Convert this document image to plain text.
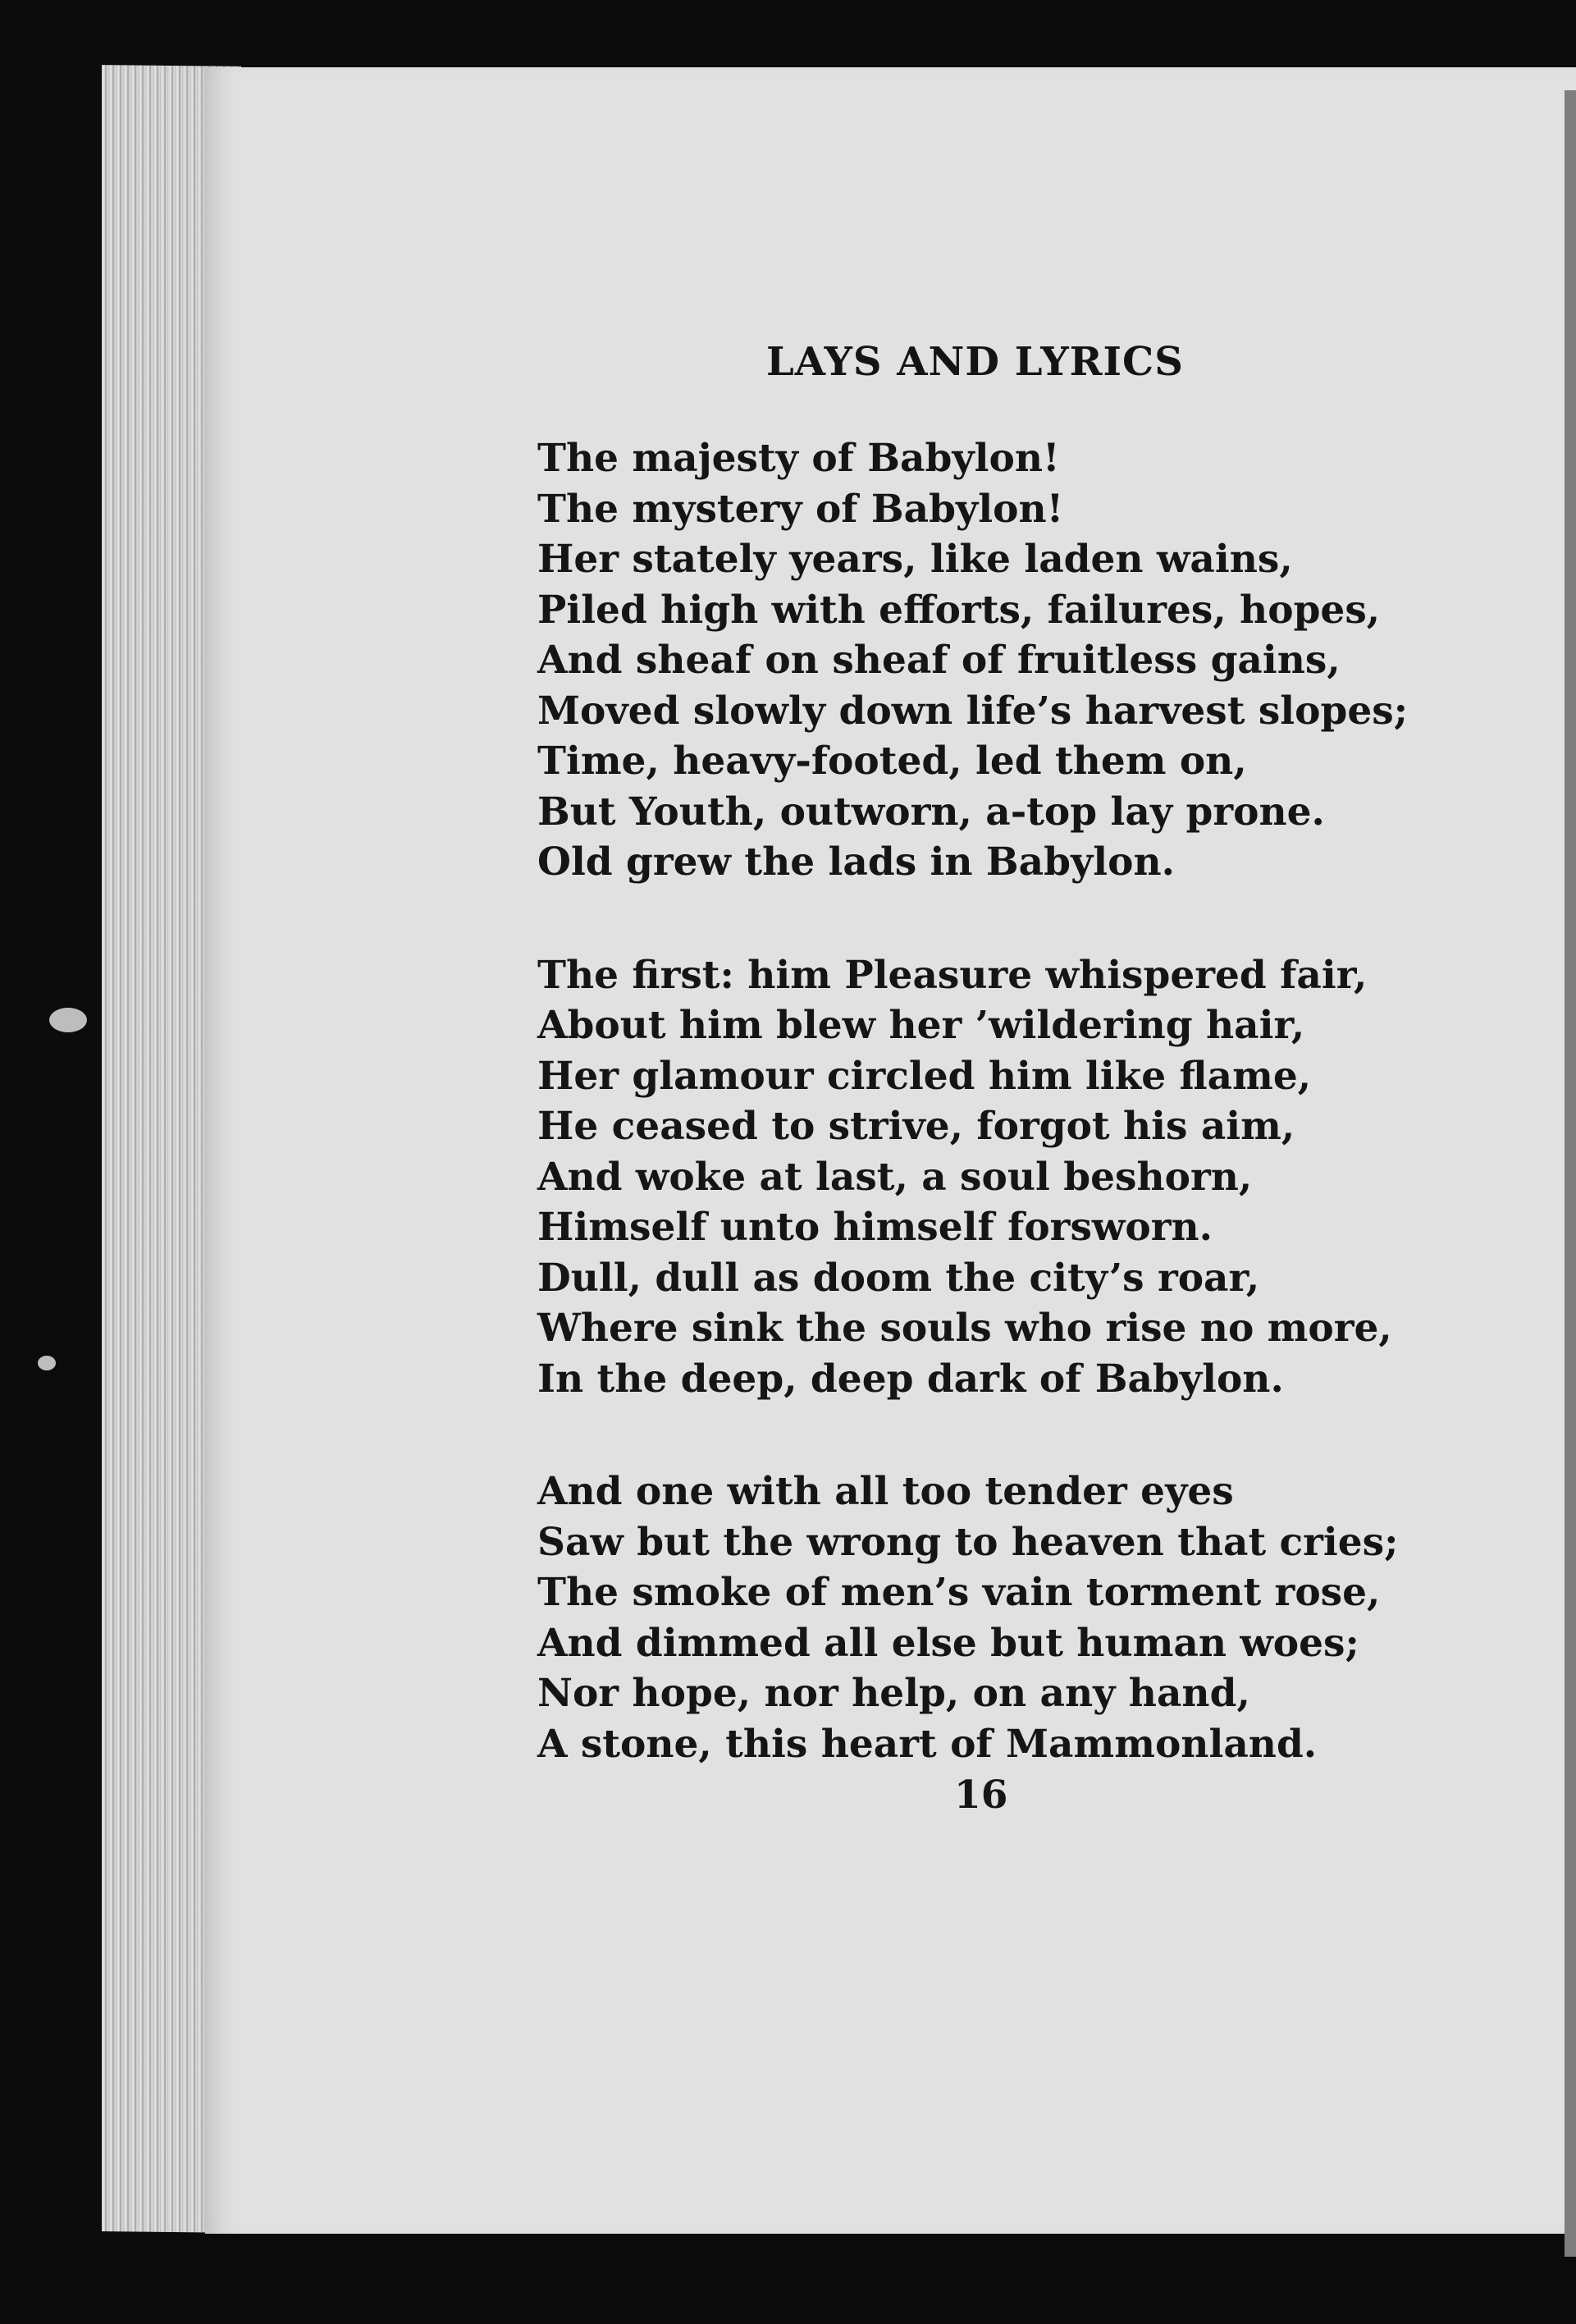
LAYS AND LYRICS
The majesty of Babylon!
The mystery of Babylon!
Her stately years, like laden wains,
Piled high with efforts, failures, hopes,
And sheaf on sheaf of fruitless gains,
Moved slowly down life’s harvest slopes;
Time, heavy-footed, led them on,
But Youth, outworn, a-top lay prone.
Old grew the lads in Babylon.
The first: him Pleasure whispered fair,
About him blew her ’wildering hair,
Her glamour circled him like flame,
He ceased to strive, forgot his aim,
And woke at last, a soul beshorn,
Himself unto himself forsworn.
Dull, dull as doom the city’s roar,
Where sink the souls who rise no more,
In the deep, deep dark of Babylon.
And one with all too tender eyes
Saw but the wrong to heaven that cries;
The smoke of men’s vain torment rose,
And dimmed all else but human woes;
Nor hope, nor help, on any hand,
A stone, this heart of Mammonland.
16
